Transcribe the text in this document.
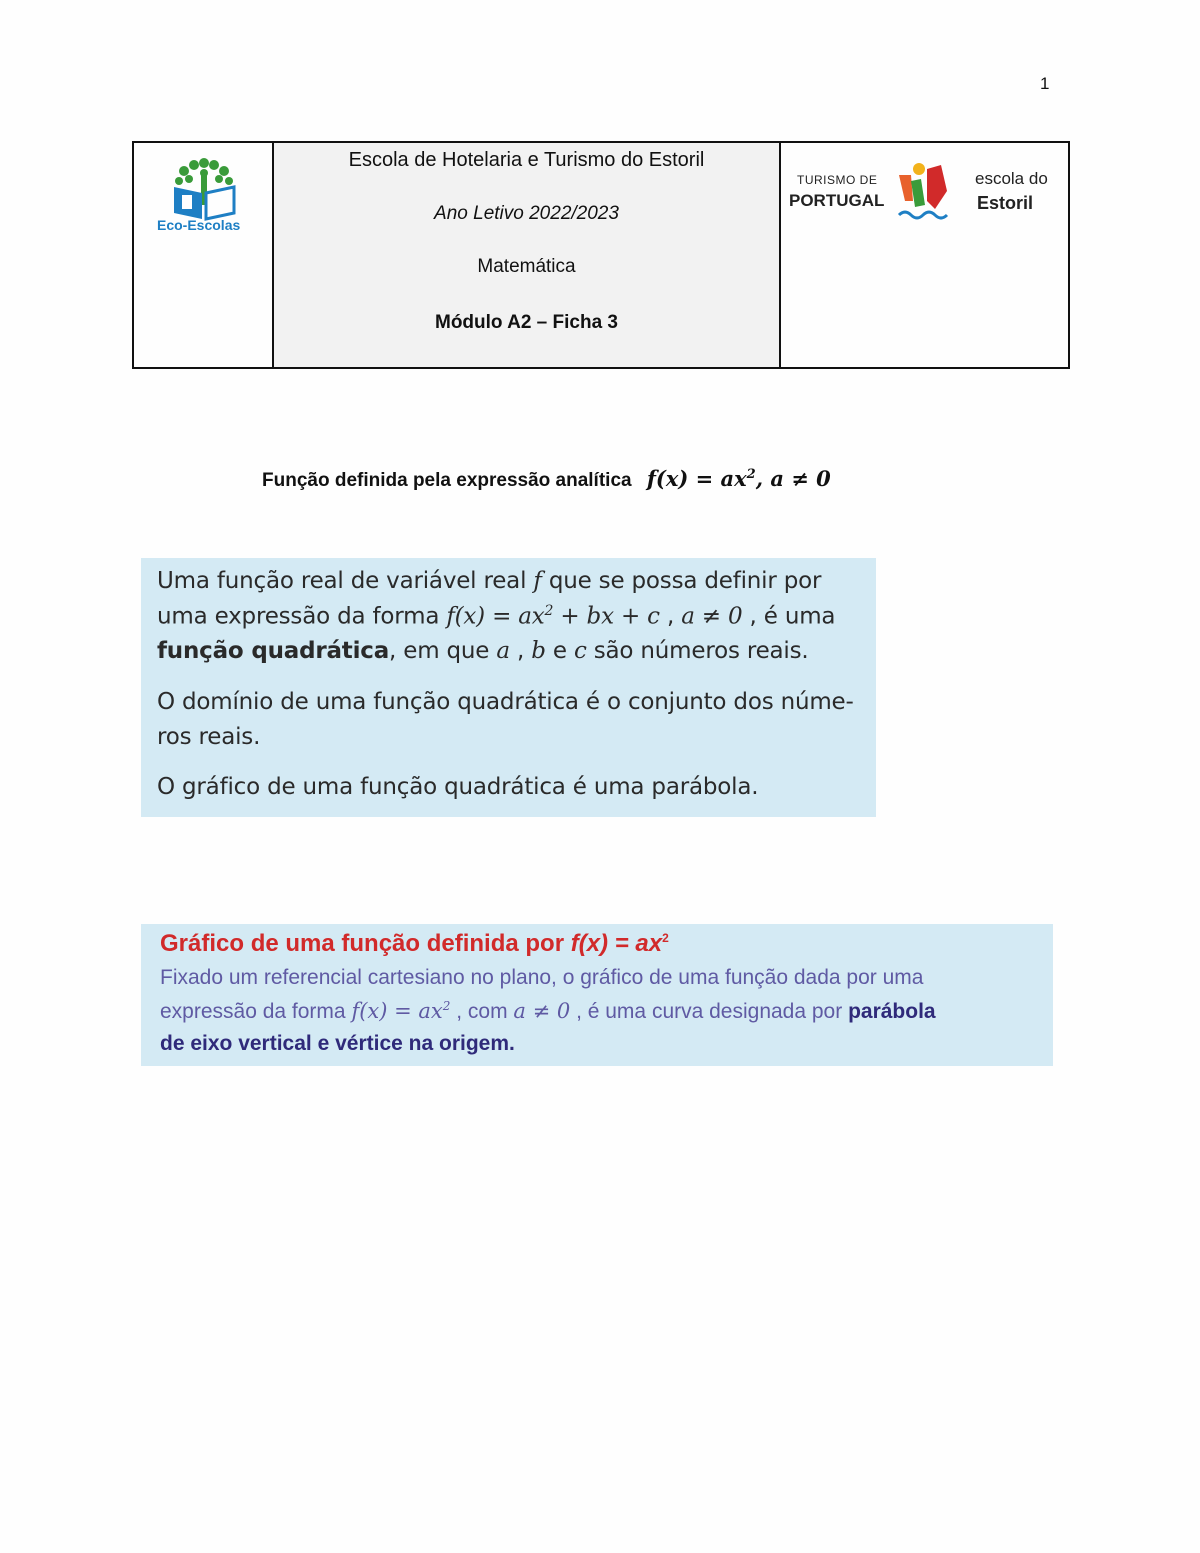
1
Eco-Escolas
Escola de Hotelaria e Turismo do Estoril
Ano Letivo 2022/2023
Matemática
Módulo A2 – Ficha 3
TURISMO DE
PORTUGAL
escola do
Estoril
Função definida pela expressão analítica $f(x) = ax^2$, a ≠ 0

Uma função real de variável real f que se possa definir por

uma expressão da forma $f(x) = ax^2$ + bx + c , a ≠ 0 , é uma

função quadrática, em que a , b e c são números reais.

O domínio de uma função quadrática é o conjunto dos núme-

ros reais.

O gráfico de uma função quadrática é uma parábola.

Gráfico de uma função definida por $f(x) = ax^2$
Fixado um referencial cartesiano no plano, o gráfico de uma função dada por uma
expressão da forma $f(x) = ax^2$ , com a ≠ 0 , é uma curva designada por parábola
de eixo vertical e vértice na origem.
